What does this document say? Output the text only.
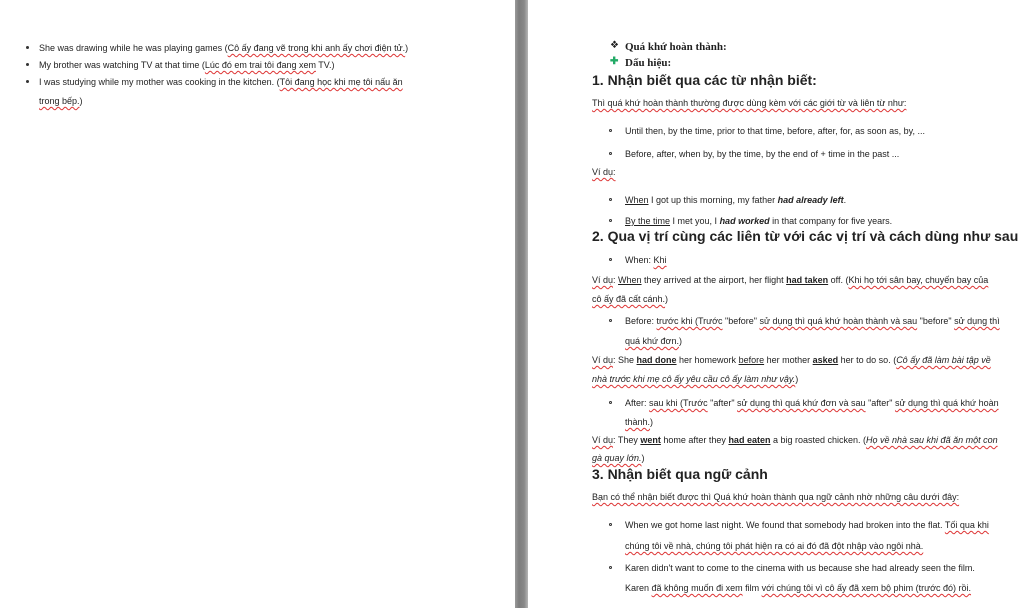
She was drawing while he was playing games (Cô ấy đang vẽ trong khi anh ấy chơi điện tử.)
My brother was watching TV at that time (Lúc đó em trai tôi đang xem TV.)
I was studying while my mother was cooking in the kitchen. (Tôi đang học khi mẹ tôi nấu ăn
trong bếp.)
❖ Quá khứ hoàn thành:
✚ Dấu hiệu:
1. Nhận biết qua các từ nhận biết:
Thì quá khứ hoàn thành thường được dùng kèm với các giới từ và liên từ như:
Until then, by the time, prior to that time, before, after, for, as soon as, by, ...
Before, after, when by, by the time, by the end of + time in the past ...
Ví dụ:
When I got up this morning, my father had already left.
By the time I met you, I had worked in that company for five years.
2. Qua vị trí cùng các liên từ với các vị trí và cách dùng như sau
When: Khi
Ví dụ: When they arrived at the airport, her flight had taken off. (Khi họ tới sân bay, chuyến bay của
cô ấy đã cất cánh.)
Before: trước khi (Trước "before" sử dụng thì quá khứ hoàn thành và sau "before" sử dụng thì
quá khứ đơn.)
Ví dụ: She had done her homework before her mother asked her to do so. (Cô ấy đã làm bài tập về
nhà trước khi mẹ cô ấy yêu cầu cô ấy làm như vậy.)
After: sau khi (Trước "after" sử dụng thì quá khứ đơn và sau "after" sử dụng thì quá khứ hoàn
thành.)
Ví dụ: They went home after they had eaten a big roasted chicken. (Họ về nhà sau khi đã ăn một con
gà quay lớn.)
3. Nhận biết qua ngữ cảnh
Bạn có thể nhận biết được thì Quá khứ hoàn thành qua ngữ cảnh nhờ những câu dưới đây:
When we got home last night. We found that somebody had broken into the flat. Tối qua khi
chúng tôi về nhà, chúng tôi phát hiện ra có ai đó đã đột nhập vào ngôi nhà.
Karen didn't want to come to the cinema with us because she had already seen the film.
Karen đã không muốn đi xem film với chúng tôi vì cô ấy đã xem bộ phim (trước đó) rồi.
